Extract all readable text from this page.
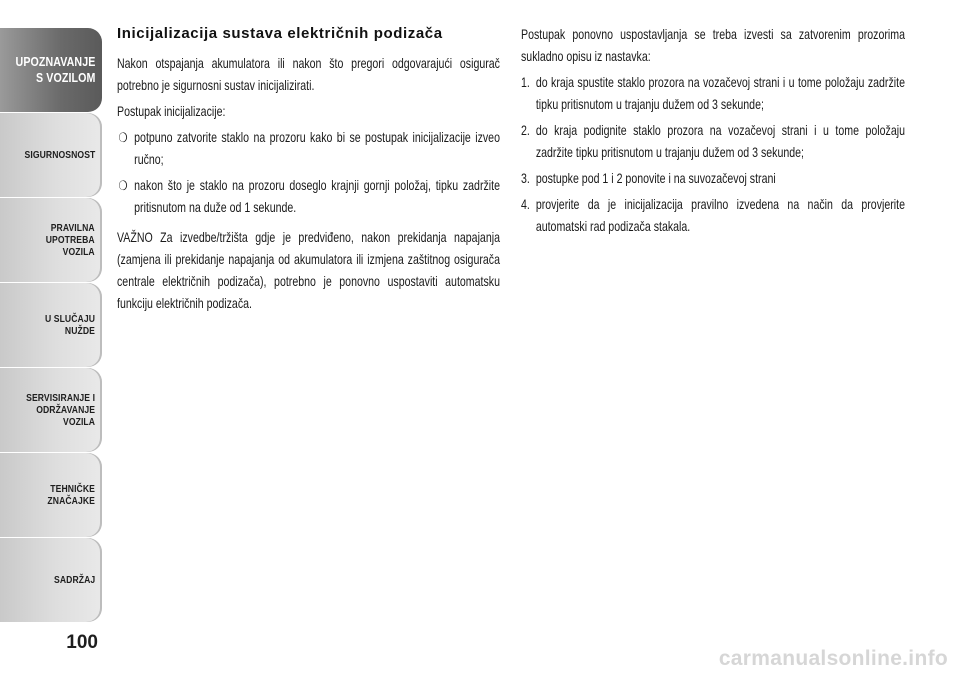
UPOZNAVANJE
S VOZILOM
SIGURNOSNOST
PRAVILNA
UPOTREBA
VOZILA
U SLUČAJU
NUŽDE
SERVISIRANJE I
ODRŽAVANJE
VOZILA
TEHNIČKE
ZNAČAJKE
SADRŽAJ
100
Inicijalizacija sustava električnih podizača

Nakon otspajanja akumulatora ili nakon što pregori odgovarajući osigurač potrebno je sigurnosni sustav inicijalizirati.

Postupak inicijalizacije:

❍ potpuno zatvorite staklo na prozoru kako bi se postupak inicijalizacije izveo ručno;
❍ nakon što je staklo na prozoru doseglo krajnji gornji položaj, tipku zadržite pritisnutom na duže od 1 sekunde.

VAŽNO Za izvedbe/tržišta gdje je predviđeno, nakon prekidanja napajanja (zamjena ili prekidanje napajanja od akumulatora ili izmjena zaštitnog osigurača centrale električnih podizača), potrebno je ponovno uspostaviti automatsku funkciju električnih podizača.

Postupak ponovno uspostavljanja se treba izvesti sa zatvorenim prozorima sukladno opisu iz nastavka:

1. do kraja spustite staklo prozora na vozačevoj strani i u tome položaju zadržite tipku pritisnutom u trajanju dužem od 3 sekunde;
2. do kraja podignite staklo prozora na vozačevoj strani i u tome položaju zadržite tipku pritisnutom u trajanju dužem od 3 sekunde;
3. postupke pod 1 i 2 ponovite i na suvozačevoj strani
4. provjerite da je inicijalizacija pravilno izvedena na način da provjerite automatski rad podizača stakala.
carmanualsonline.info
